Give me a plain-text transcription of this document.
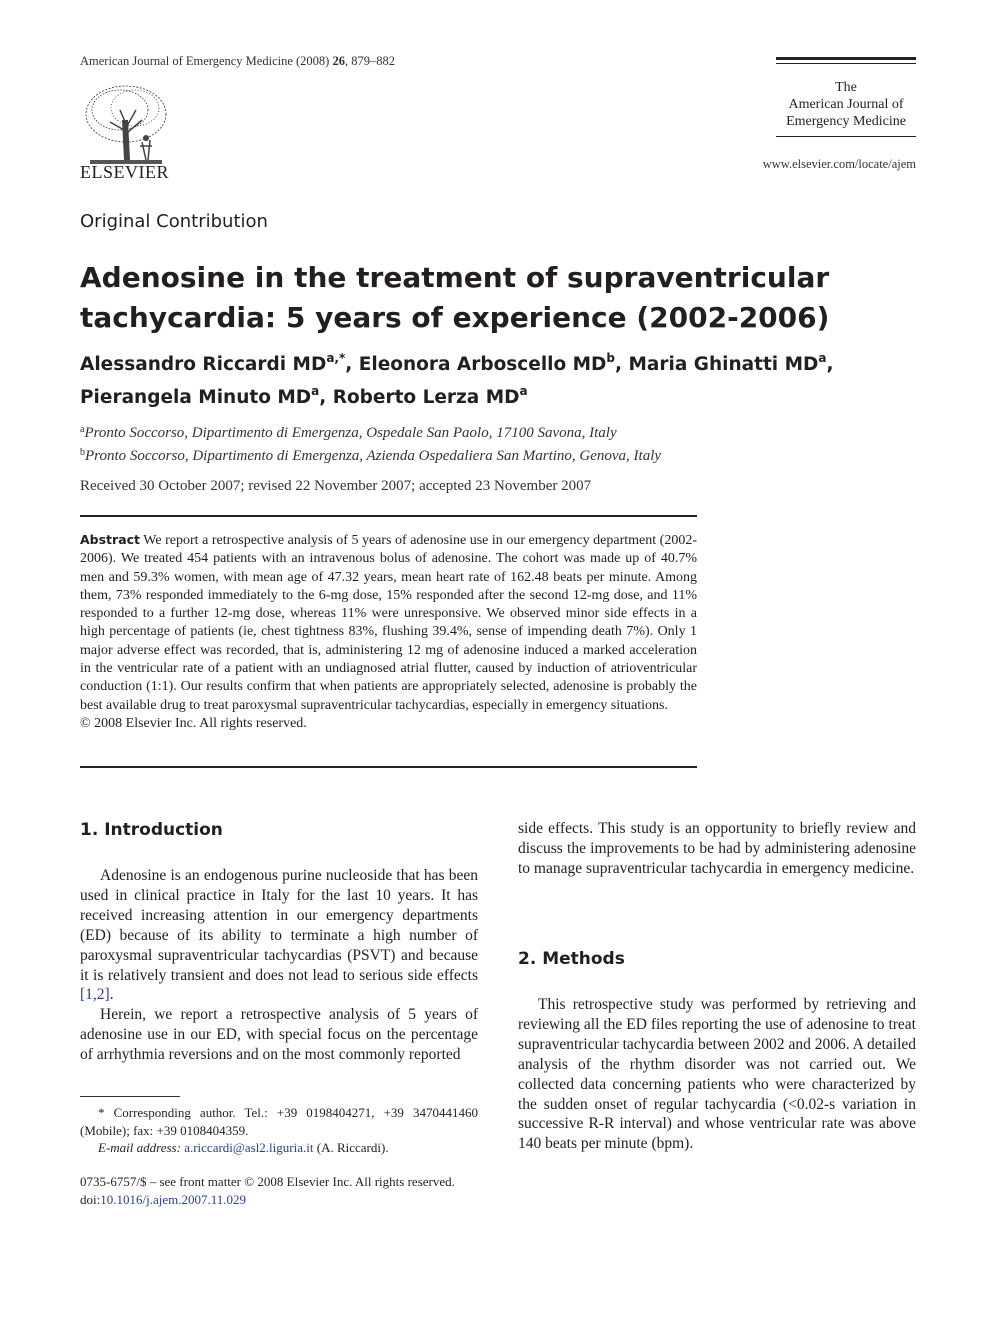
American Journal of Emergency Medicine (2008) 26, 879–882
ELSEVIER
The
American Journal of
Emergency Medicine
www.elsevier.com/locate/ajem
Original Contribution
Adenosine in the treatment of supraventricular tachycardia: 5 years of experience (2002-2006)
Alessandro Riccardi $MD^{a,*}$, Eleonora Arboscello $MD^b$, Maria Ghinatti $MD^a$,
Pierangela Minuto $MD^a$, Roberto Lerza $MD^a$
$^a$Pronto Soccorso, Dipartimento di Emergenza, Ospedale San Paolo, 17100 Savona, Italy
$^b$Pronto Soccorso, Dipartimento di Emergenza, Azienda Ospedaliera San Martino, Genova, Italy
Received 30 October 2007; revised 22 November 2007; accepted 23 November 2007
Abstract We report a retrospective analysis of 5 years of adenosine use in our emergency department (2002-2006). We treated 454 patients with an intravenous bolus of adenosine. The cohort was made up of 40.7% men and 59.3% women, with mean age of 47.32 years, mean heart rate of 162.48 beats per minute. Among them, 73% responded immediately to the 6-mg dose, 15% responded after the second 12-mg dose, and 11% responded to a further 12-mg dose, whereas 11% were unresponsive. We observed minor side effects in a high percentage of patients (ie, chest tightness 83%, flushing 39.4%, sense of impending death 7%). Only 1 major adverse effect was recorded, that is, administering 12 mg of adenosine induced a marked acceleration in the ventricular rate of a patient with an undiagnosed atrial flutter, caused by induction of atrioventricular conduction (1:1). Our results confirm that when patients are appropriately selected, adenosine is probably the best available drug to treat paroxysmal supraventricular tachycardias, especially in emergency situations.
© 2008 Elsevier Inc. All rights reserved.
1. Introduction

Adenosine is an endogenous purine nucleoside that has been used in clinical practice in Italy for the last 10 years. It has received increasing attention in our emergency departments (ED) because of its ability to terminate a high number of paroxysmal supraventricular tachycardias (PSVT) and because it is relatively transient and does not lead to serious side effects [1,2].

Herein, we report a retrospective analysis of 5 years of adenosine use in our ED, with special focus on the percentage of arrhythmia reversions and on the most commonly reported

* Corresponding author. Tel.: +39 0198404271, +39 3470441460 (Mobile); fax: +39 0108404359.
E-mail address: a.riccardi@asl2.liguria.it (A. Riccardi).
0735-6757/$ – see front matter © 2008 Elsevier Inc. All rights reserved.
doi:10.1016/j.ajem.2007.11.029
side effects. This study is an opportunity to briefly review and discuss the improvements to be had by administering adenosine to manage supraventricular tachycardia in emergency medicine.
2. Methods

This retrospective study was performed by retrieving and reviewing all the ED files reporting the use of adenosine to treat supraventricular tachycardia between 2002 and 2006. A detailed analysis of the rhythm disorder was not carried out. We collected data concerning patients who were characterized by the sudden onset of regular tachycardia (<0.02-s variation in successive R-R interval) and whose ventricular rate was above 140 beats per minute (bpm).
